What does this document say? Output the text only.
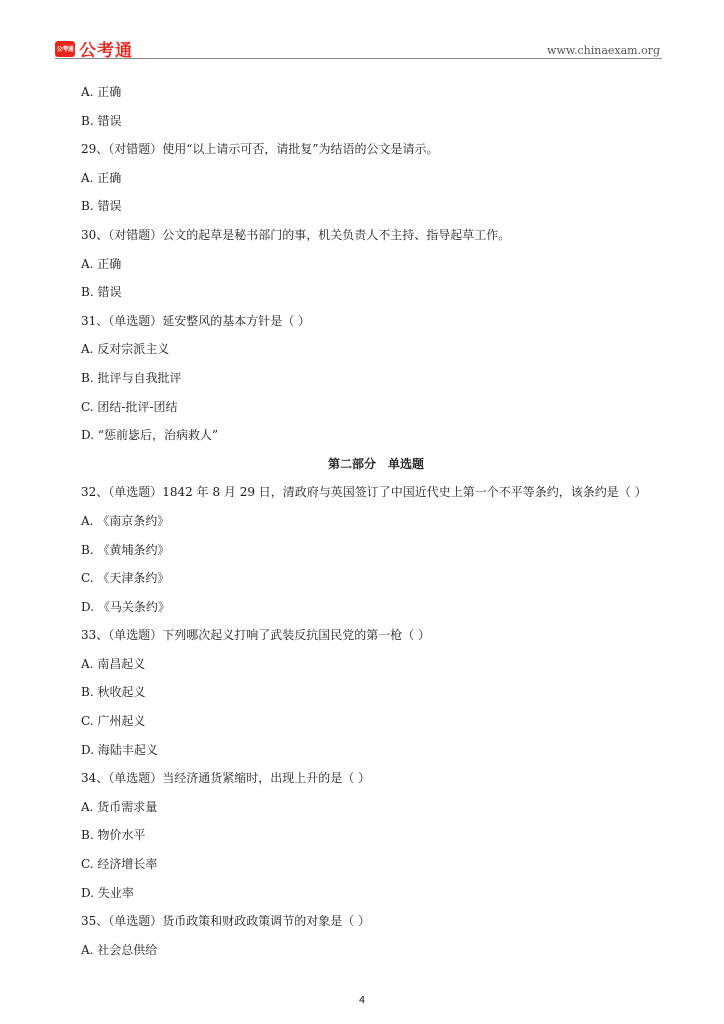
公考通 公考通	www.chinaexam.org
A. 正确
B. 错误
29、（对错题）使用“以上请示可否，请批复”为结语的公文是请示。
A. 正确
B. 错误
30、（对错题）公文的起草是秘书部门的事，机关负责人不主持、指导起草工作。
A. 正确
B. 错误
31、（单选题）延安整风的基本方针是（ ）
A. 反对宗派主义
B. 批评与自我批评
C. 团结-批评-团结
D. “惩前毖后，治病救人”
第二部分　单选题
32、（单选题）1842 年 8 月 29 日，清政府与英国签订了中国近代史上第一个不平等条约，该条约是（ ）
A. 《南京条约》
B. 《黄埔条约》
C. 《天津条约》
D. 《马关条约》
33、（单选题）下列哪次起义打响了武装反抗国民党的第一枪（ ）
A. 南昌起义
B. 秋收起义
C. 广州起义
D. 海陆丰起义
34、（单选题）当经济通货紧缩时，出现上升的是（ ）
A. 货币需求量
B. 物价水平
C. 经济增长率
D. 失业率
35、（单选题）货币政策和财政政策调节的对象是（ ）
A. 社会总供给
4
